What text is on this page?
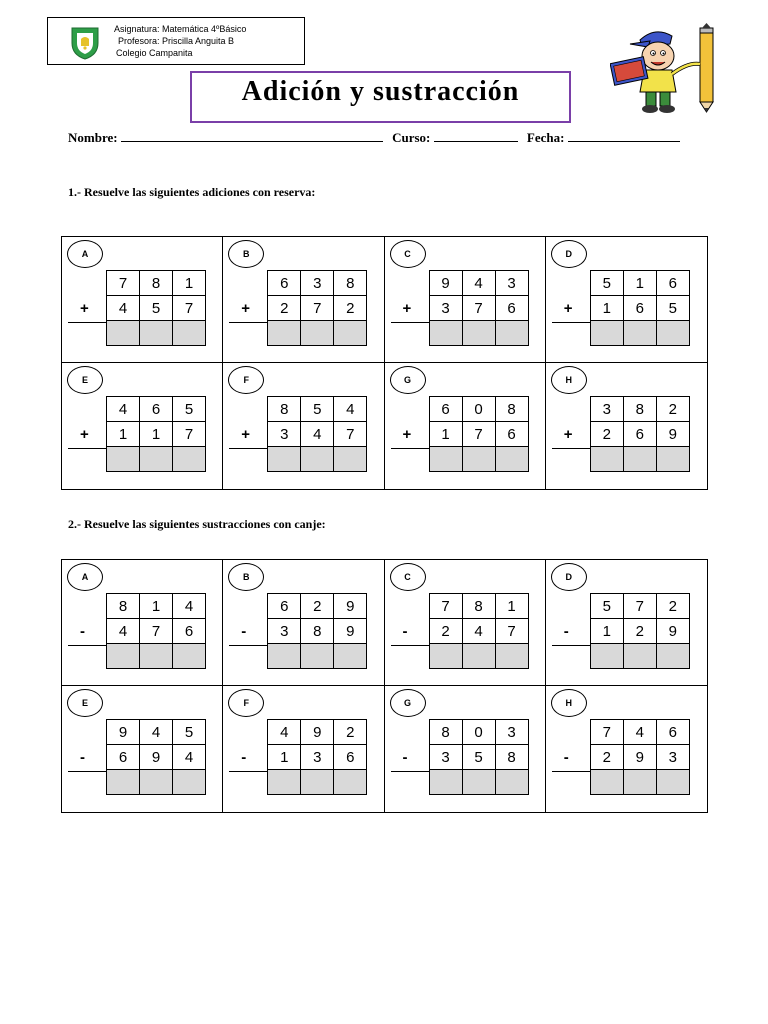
Asignatura: Matemática 4ºBásico
Profesora: Priscilla Anguita B
Colegio Campanita
Adición y sustracción
Nombre:	Curso:	Fecha:
1.- Resuelve las siguientes adiciones con reserva:
A
+
7	8	1
4	5	7

B
+
6	3	8
2	7	2

C
+
9	4	3
3	7	6

D
+
5	1	6
1	6	5

E
+
4	6	5
1	1	7

F
+
8	5	4
3	4	7

G
+
6	0	8
1	7	6

H
+
3	8	2
2	6	9

2.- Resuelve las siguientes sustracciones con canje:
A
-
8	1	4
4	7	6

B
-
6	2	9
3	8	9

C
-
7	8	1
2	4	7

D
-
5	7	2
1	2	9

E
-
9	4	5
6	9	4

F
-
4	9	2
1	3	6

G
-
8	0	3
3	5	8

H
-
7	4	6
2	9	3
